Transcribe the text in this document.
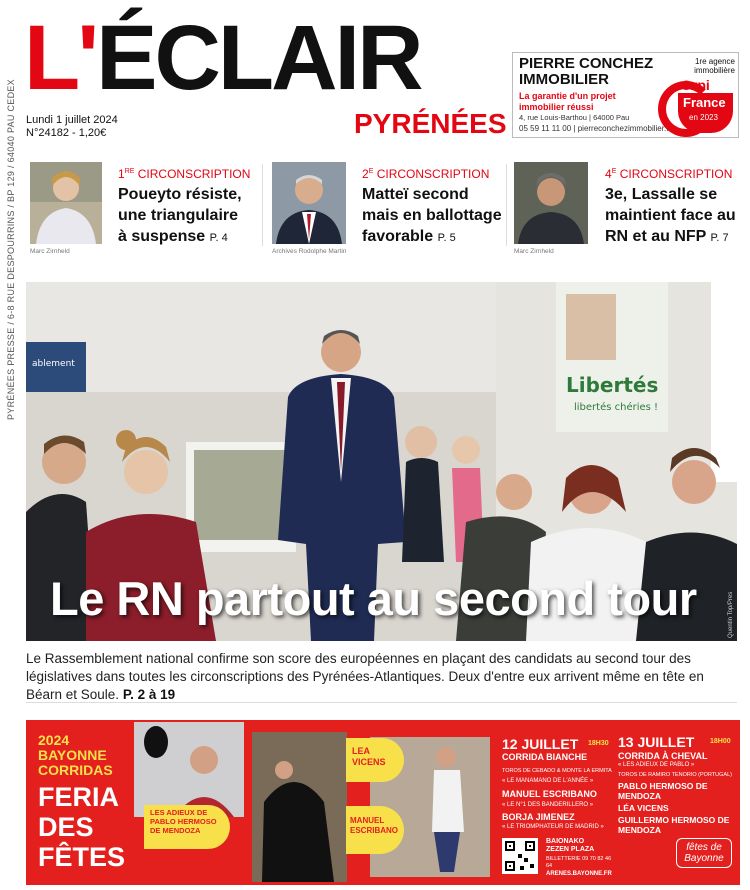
L'ÉCLAIR
PYRÉNÉES
Lundi 1 juillet 2024
N°24182 - 1,20€
PYRÉNÉES PRESSE / 6-8 RUE DESPOURRINS / BP 129 / 64040 PAU CEDEX
PIERRE CONCHEZ IMMOBILIER
La garantie d'un projet immobilier réussi
4, rue Louis-Barthou | 64000 Pau
05 59 11 11 00 | pierreconchezimmobilier.fr
1re agence immobilière
Orpi
France
en 2023
Marc Zirnheld
1RE CIRCONSCRIPTION
Poueyto résiste, une triangulaire à suspense P. 4
Archives Rodolphe Martin
$2^E$ CIRCONSCRIPTION
Matteï second mais en ballottage favorable P. 5
Marc Zirnheld
$4^E$ CIRCONSCRIPTION
3e, Lassalle se maintient face au RN et au NFP P. 7
ablement
Libertés
libertés chéries !
Le RN partout au second tour	Quentin Top/Pres
Le Rassemblement national confirme son score des européennes en plaçant des candidats au second tour des législatives dans toutes les circonscriptions des Pyrénées-Atlantiques. Deux d'entre eux arrivent même en tête en Béarn et Soule. P. 2 à 19
2024
BAYONNE
CORRIDAS
FERIA
DES
FÊTES
LES ADIEUX DE PABLO HERMOSO DE MENDOZA
LEA VICENS
MANUEL ESCRIBANO
12 JUILLET 18H30
CORRIDA BIANCHE
TOROS DE CEBADO & MONTE LA ERMITA
« LE MANAMANO DE L'ANNÉE »
MANUEL ESCRIBANO
« LE N°1 DES BANDERILLERO »
BORJA JIMENEZ
« LE TRIOMPHATEUR DE MADRID »
13 JUILLET 18H00
CORRIDA À CHEVAL
« LES ADIEUX DE PABLO »
TOROS DE RAMIRO TENORIO (PORTUGAL)
PABLO HERMOSO DE MENDOZA
LÉA VICENS
GUILLERMO HERMOSO DE MENDOZA
BAIONAKO ZEZEN PLAZA
BILLETTERIE 09 70 82 46 64
ARENES.BAYONNE.FR
fêtes de Bayonne
